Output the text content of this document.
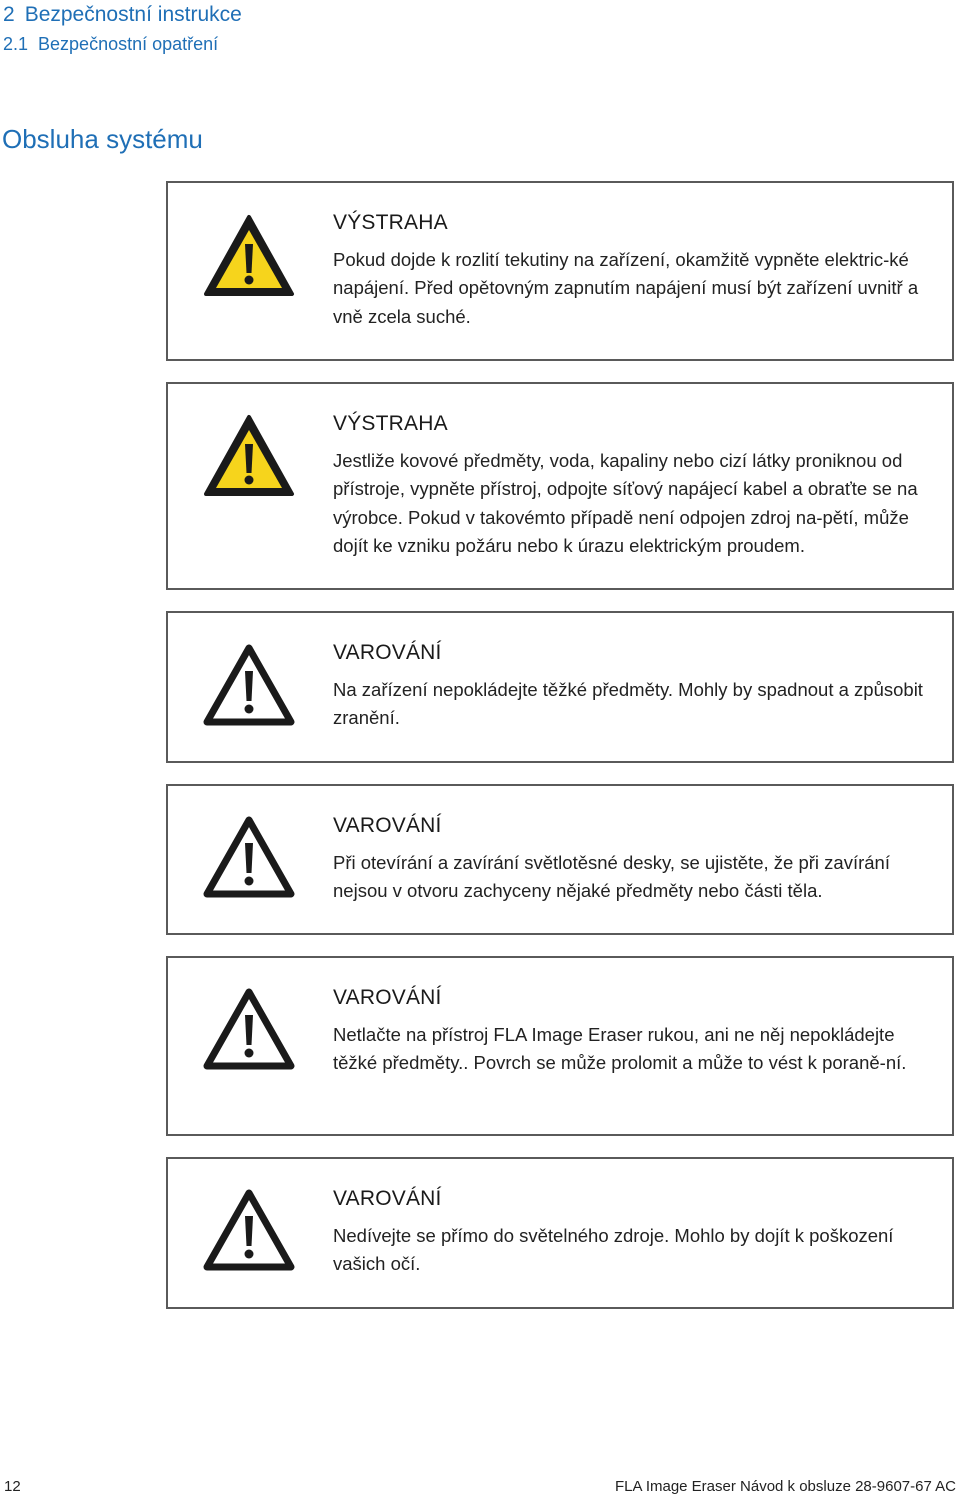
2 Bezpečnostní instrukce
2.1 Bezpečnostní opatření
Obsluha systému

VÝSTRAHA

Pokud dojde k rozlití tekutiny na zařízení, okamžitě vypněte elektric-ké napájení. Před opětovným zapnutím napájení musí být zařízení uvnitř a vně zcela suché.

VÝSTRAHA

Jestliže kovové předměty, voda, kapaliny nebo cizí látky proniknou od přístroje, vypněte přístroj, odpojte síťový napájecí kabel a obraťte se na výrobce. Pokud v takovémto případě není odpojen zdroj na-pětí, může dojít ke vzniku požáru nebo k úrazu elektrickým proudem.

VAROVÁNÍ

Na zařízení nepokládejte těžké předměty. Mohly by spadnout a způsobit zranění.

VAROVÁNÍ

Při otevírání a zavírání světlotěsné desky, se ujistěte, že při zavírání nejsou v otvoru zachyceny nějaké předměty nebo části těla.

VAROVÁNÍ

Netlačte na přístroj FLA Image Eraser rukou, ani ne něj nepokládejte těžké předměty.. Povrch se může prolomit a může to vést k poraně-ní.

VAROVÁNÍ

Nedívejte se přímo do světelného zdroje. Mohlo by dojít k poškození vašich očí.

12	FLA Image Eraser Návod k obsluze 28-9607-67 AC
